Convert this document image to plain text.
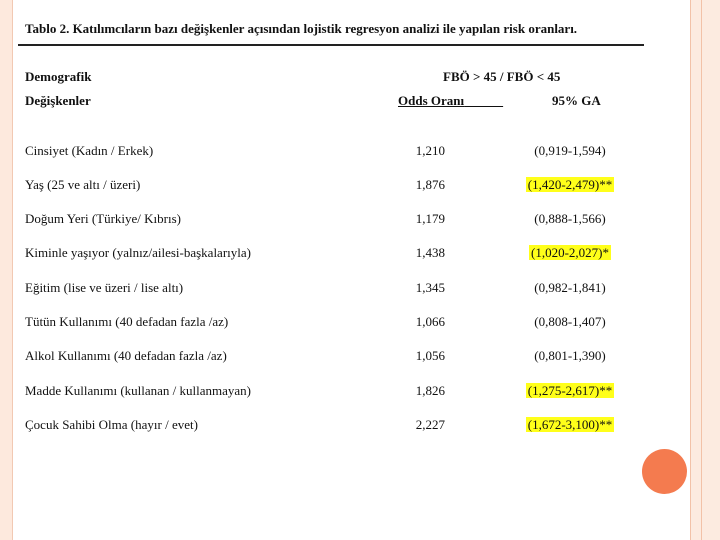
Tablo 2. Katılımcıların bazı değişkenler açısından lojistik regresyon analizi ile yapılan risk oranları.
Demografik
Değişkenler
FBÖ > 45 / FBÖ < 45
Odds Oranı	95% GA
Cinsiyet (Kadın / Erkek)	1,210	(0,919-1,594)
Yaş (25 ve altı / üzeri)	1,876	(1,420-2,479)**
Doğum Yeri (Türkiye/ Kıbrıs)	1,179	(0,888-1,566)
Kiminle yaşıyor (yalnız/ailesi-başkalarıyla)	1,438	(1,020-2,027)*
Eğitim (lise ve üzeri / lise altı)	1,345	(0,982-1,841)
Tütün Kullanımı (40 defadan fazla /az)	1,066	(0,808-1,407)
Alkol Kullanımı (40 defadan fazla /az)	1,056	(0,801-1,390)
Madde Kullanımı (kullanan / kullanmayan)	1,826	(1,275-2,617)**
Çocuk Sahibi Olma (hayır / evet)	2,227	(1,672-3,100)**
